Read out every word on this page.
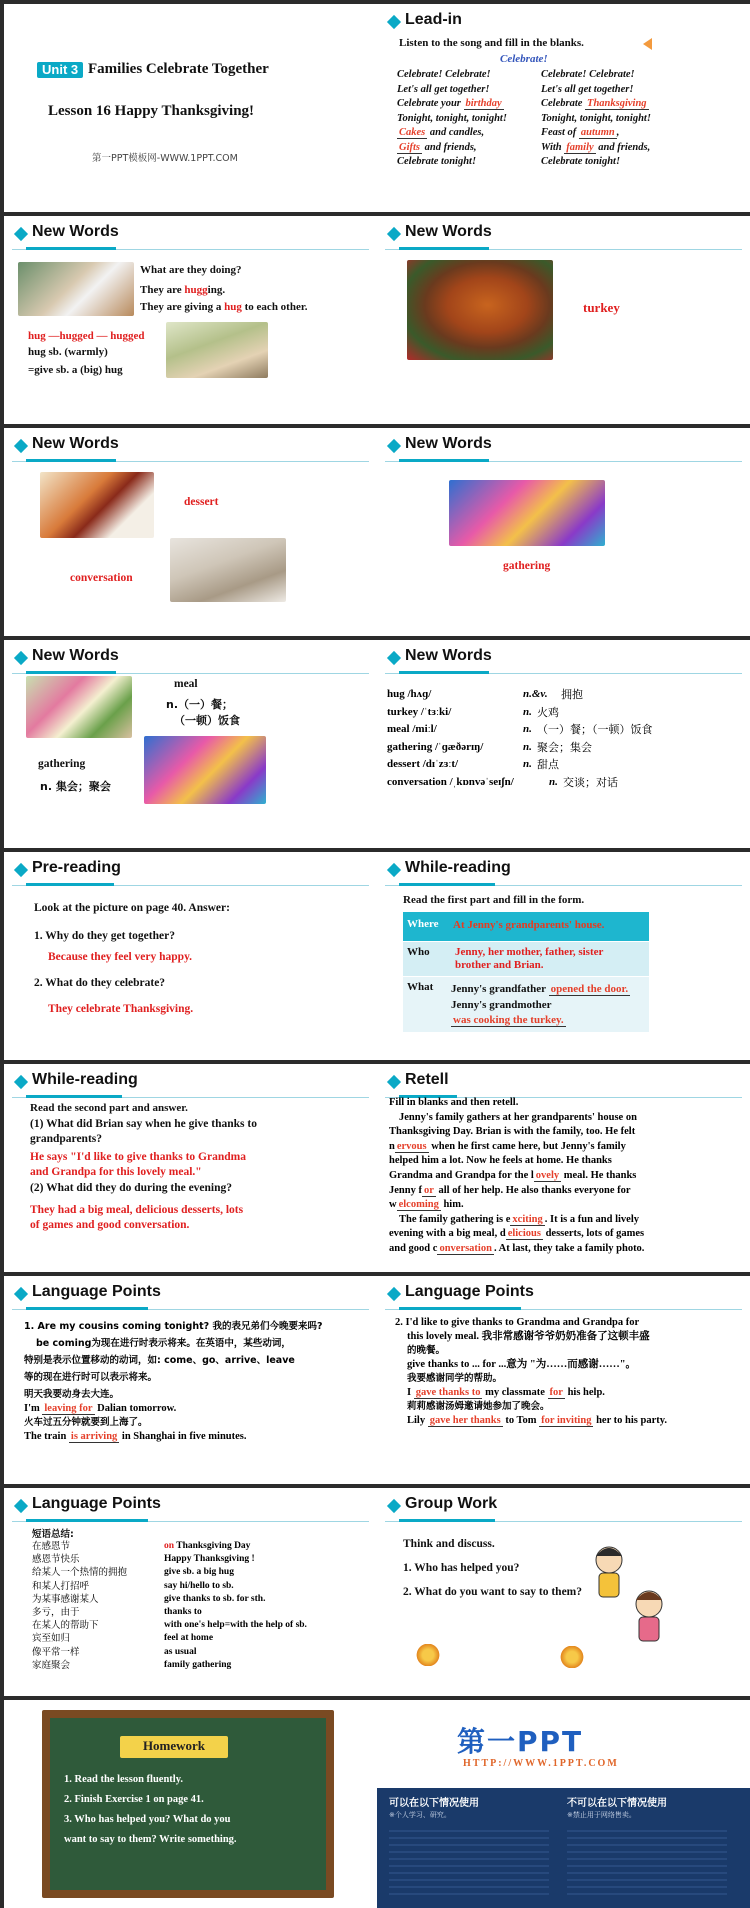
Unit 3 Families Celebrate Together
Lesson 16 Happy Thanksgiving!
第一PPT模板网-WWW.1PPT.COM
Lead-in
Listen to the song and fill in the blanks.
Celebrate!
Celebrate! Celebrate!
Let's all get together!
Celebrate your birthday
Tonight, tonight, tonight!
Cakes and candles,
Gifts and friends,
Celebrate tonight!
Celebrate! Celebrate!
Let's all get together!
Celebrate Thanksgiving
Tonight, tonight, tonight!
Feast of autumn ,
With family and friends,
Celebrate tonight!
New Words
What are they doing?
They are hugging.
They are giving a hug to each other.
hug —hugged — hugged
hug sb. (warmly)
=give sb. a (big) hug
New Words
turkey
New Words
dessert
conversation
New Words
gathering
New Words
meal
n.（一）餐；
（一顿）饭食
gathering
n. 集会；聚会
New Words
hug /hʌɡ/	n.&v. 拥抱
turkey /ˈtɜːki/	n. 火鸡
meal /miːl/	n. （一）餐；（一顿）饭食
gathering /ˈɡæðərɪŋ/	n. 聚会；集会
dessert /dɪˈzɜːt/	n. 甜点
conversation /ˌkɒnvəˈseɪʃn/	n. 交谈；对话
Pre-reading
Look at the picture on page 40. Answer:
1. Why do they get together?
Because they feel very happy.
2. What do they celebrate?
They celebrate Thanksgiving.
While-reading
Read the first part and fill in the form.
Where At Jenny's grandparents' house.
Who Jenny, her mother, father, sister
brother and Brian.
What Jenny's grandfather opened the door.
Jenny's grandmother
was cooking the turkey.
While-reading
Read the second part and answer.
(1) What did Brian say when he give thanks to
grandparents?
He says "I'd like to give thanks to Grandma
and Grandpa for this lovely meal."
(2) What did they do during the evening?
They had a big meal, delicious desserts, lots
of games and good conversation.
Retell
Fill in blanks and then retell.
Jenny's family gathers at her grandparents' house on
Thanksgiving Day. Brian is with the family, too. He felt
n ervous when he first came here, but Jenny's family
helped him a lot. Now he feels at home. He thanks
Grandma and Grandpa for the l ovely meal. He thanks
Jenny f or all of her help. He also thanks everyone for
w elcoming him.
The family gathering is e xciting . It is a fun and lively
evening with a big meal, d elicious desserts, lots of games
and good c onversation . At last, they take a family photo.
Language Points
1. Are my cousins coming tonight? 我的表兄弟们今晚要来吗?
be coming为现在进行时表示将来。在英语中，某些动词，
特别是表示位置移动的动词，如: come、go、arrive、leave
等的现在进行时可以表示将来。
明天我要动身去大连。
I'm leaving for Dalian tomorrow.
火车过五分钟就要到上海了。
The train is arriving in Shanghai in five minutes.
Language Points
2. I'd like to give thanks to Grandma and Grandpa for
this lovely meal. 我非常感谢爷爷奶奶准备了这顿丰盛
的晚餐。
give thanks to ... for ...意为 "为……而感谢……"。
我要感谢同学的帮助。
I gave thanks to my classmate for his help.
莉莉感谢汤姆邀请她参加了晚会。
Lily gave her thanks to Tom for inviting her to his party.
Language Points
短语总结:
在感恩节	on Thanksgiving Day
感恩节快乐	Happy Thanksgiving !
给某人一个热情的拥抱	give sb. a big hug
和某人打招呼	say hi/hello to sb.
为某事感谢某人	give thanks to sb. for sth.
多亏，由于	thanks to
在某人的帮助下	with one's help=with the help of sb.
宾至如归	feel at home
像平常一样	as usual
家庭聚会	family gathering
Group Work
Think and discuss.
1. Who has helped you?
2. What do you want to say to them?
Homework
1. Read the lesson fluently.
2. Finish Exercise 1 on page 41.
3. Who has helped you? What do you
want to say to them? Write something.
第一PPT
HTTP://WWW.1PPT.COM
可以在以下情况使用	不可以在以下情况使用
※个人学习、研究。	※禁止用于网络售卖。
